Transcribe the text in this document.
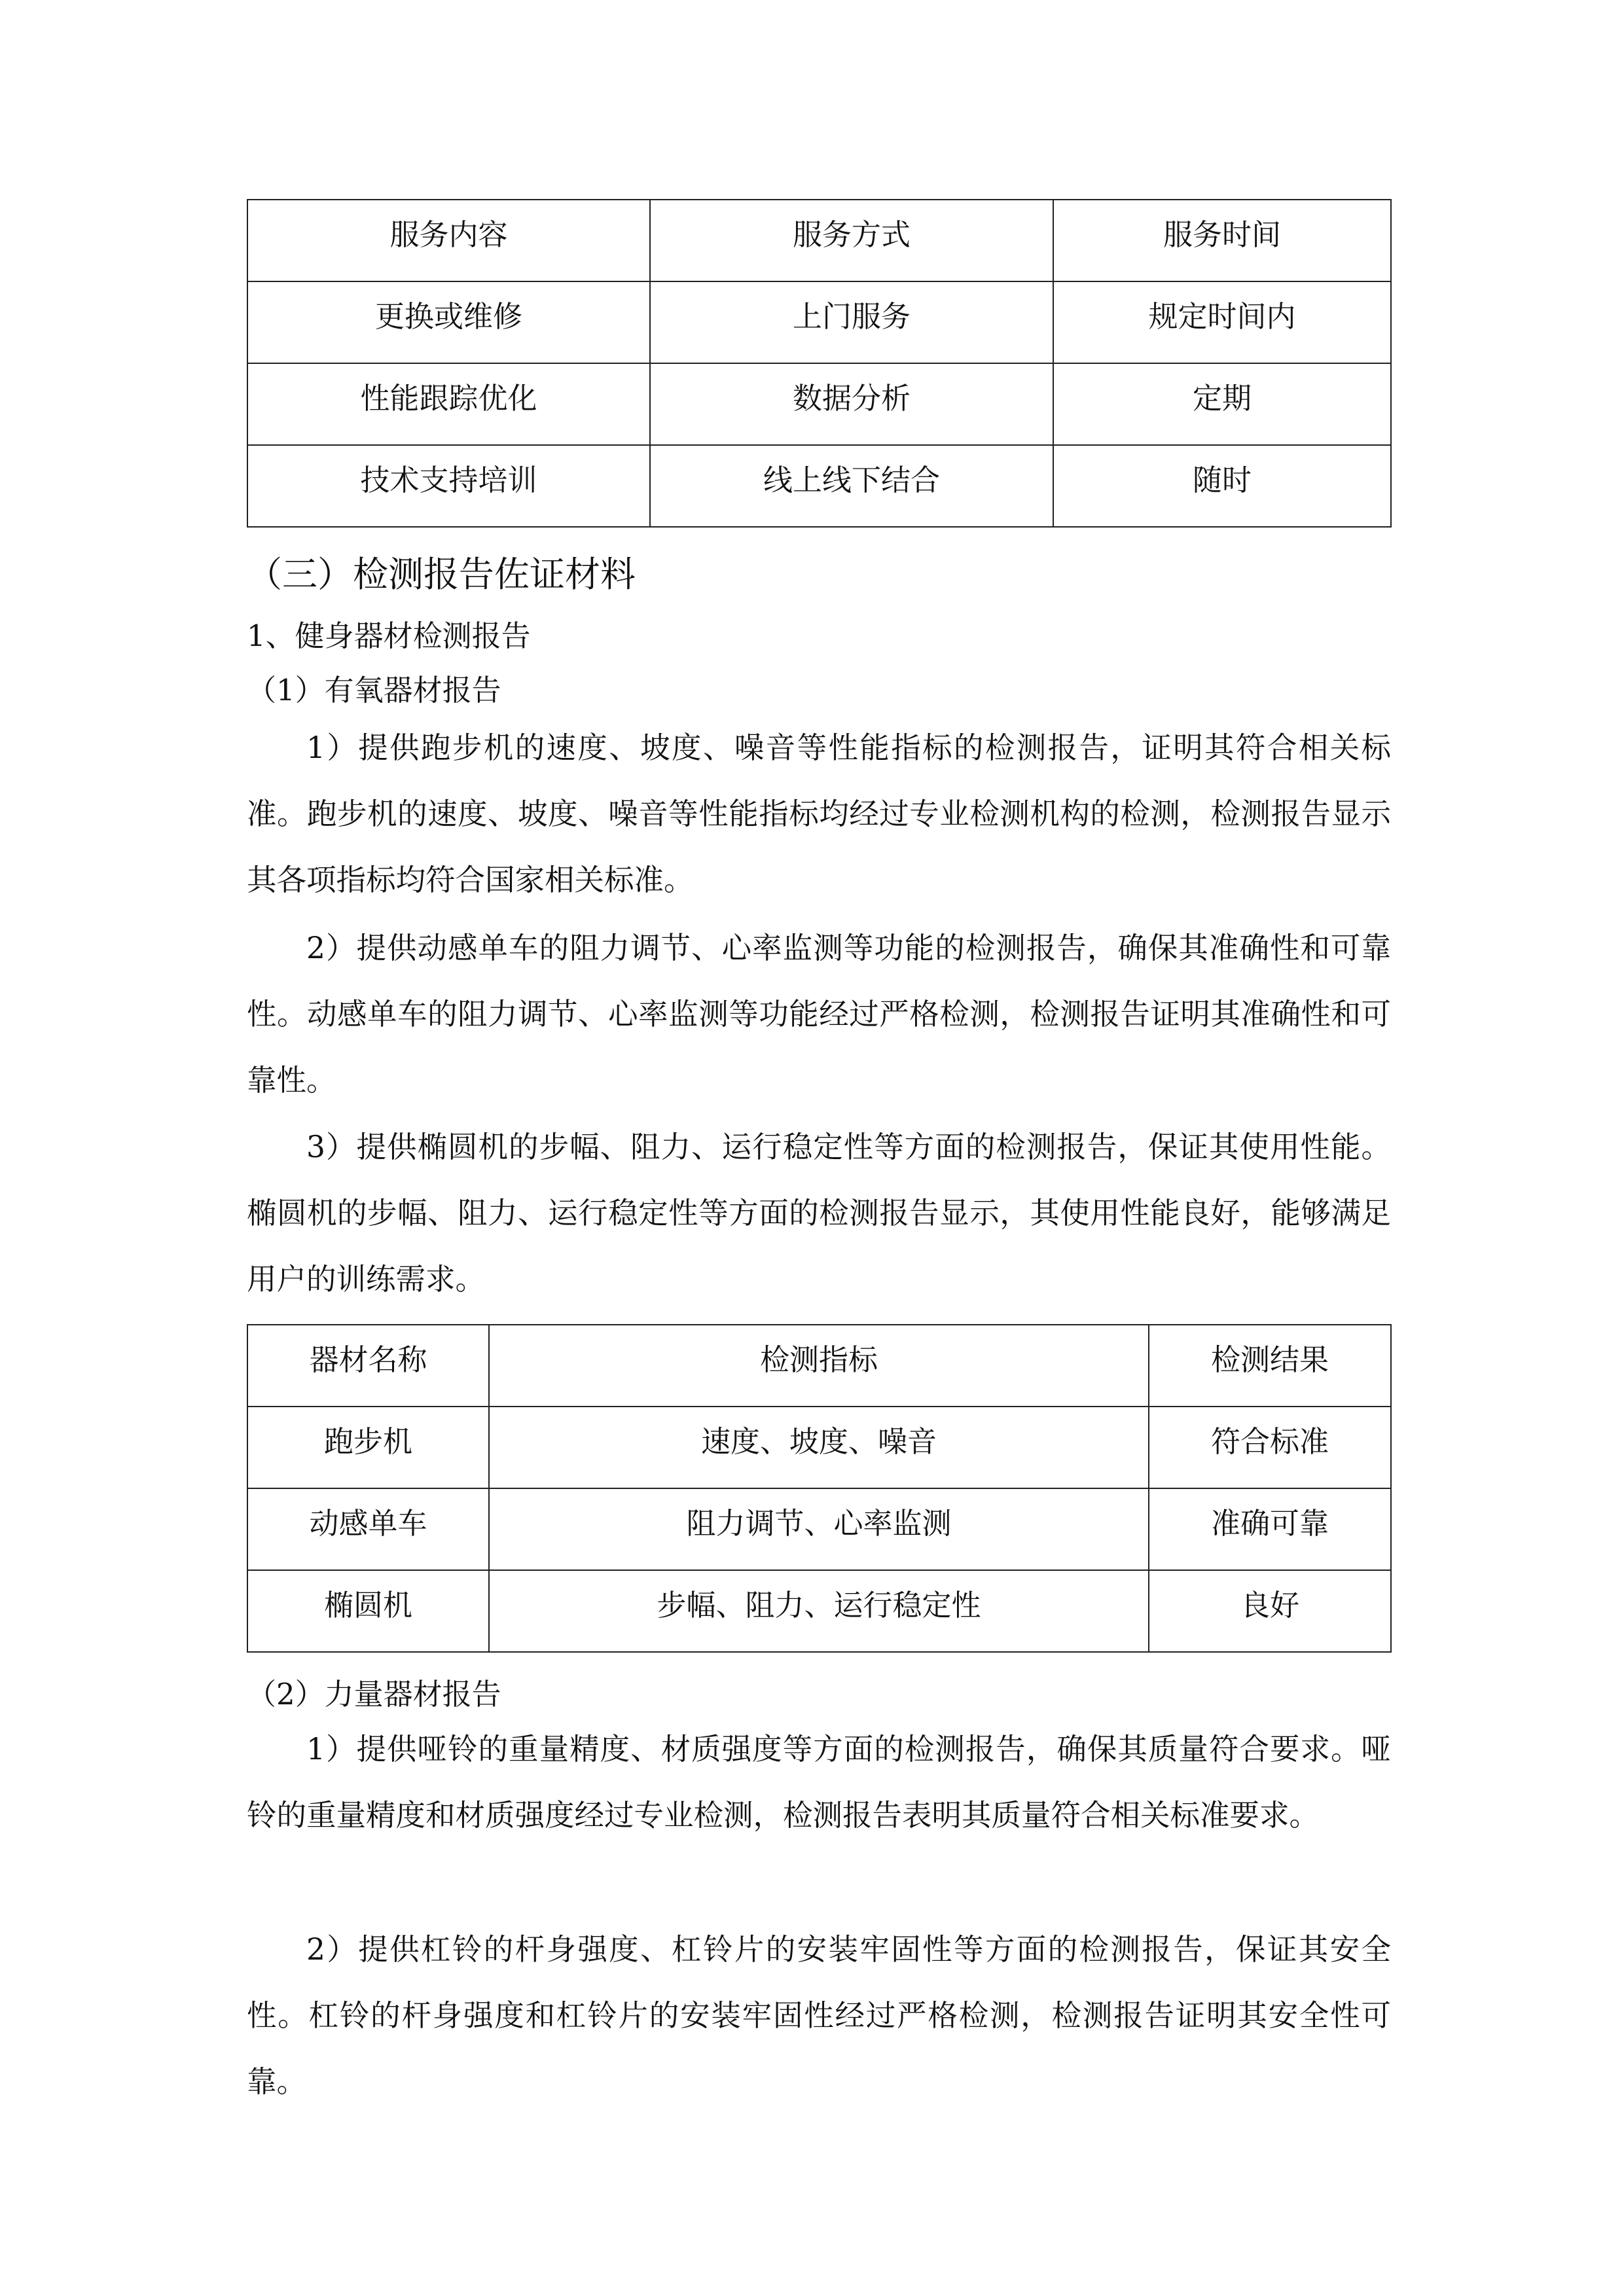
服务内容	服务方式	服务时间
更换或维修	上门服务	规定时间内
性能跟踪优化	数据分析	定期
技术支持培训	线上线下结合	随时
（三）检测报告佐证材料
1、健身器材检测报告
（1）有氧器材报告
1）提供跑步机的速度、坡度、噪音等性能指标的检测报告，证明其符合相关标准。跑步机的速度、坡度、噪音等性能指标均经过专业检测机构的检测，检测报告显示其各项指标均符合国家相关标准。
2）提供动感单车的阻力调节、心率监测等功能的检测报告，确保其准确性和可靠性。动感单车的阻力调节、心率监测等功能经过严格检测，检测报告证明其准确性和可靠性。
3）提供椭圆机的步幅、阻力、运行稳定性等方面的检测报告，保证其使用性能。椭圆机的步幅、阻力、运行稳定性等方面的检测报告显示，其使用性能良好，能够满足用户的训练需求。
器材名称	检测指标	检测结果
跑步机	速度、坡度、噪音	符合标准
动感单车	阻力调节、心率监测	准确可靠
椭圆机	步幅、阻力、运行稳定性	良好
（2）力量器材报告
1）提供哑铃的重量精度、材质强度等方面的检测报告，确保其质量符合要求。哑铃的重量精度和材质强度经过专业检测，检测报告表明其质量符合相关标准要求。
2）提供杠铃的杆身强度、杠铃片的安装牢固性等方面的检测报告，保证其安全性。杠铃的杆身强度和杠铃片的安装牢固性经过严格检测，检测报告证明其安全性可靠。
